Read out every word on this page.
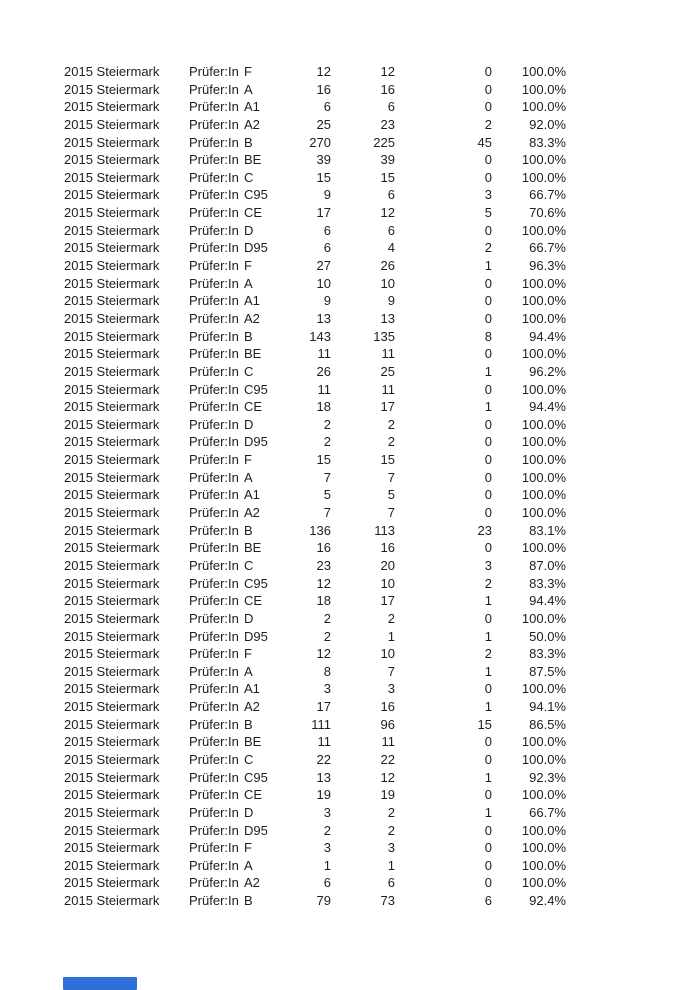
2015 Steiermark Prüfer:In F	12	12	0	100.0%
2015 Steiermark Prüfer:In A	16	16	0	100.0%
2015 Steiermark Prüfer:In A1	6	6	0	100.0%
2015 Steiermark Prüfer:In A2	25	23	2	92.0%
2015 Steiermark Prüfer:In B	270	225	45	83.3%
2015 Steiermark Prüfer:In BE	39	39	0	100.0%
2015 Steiermark Prüfer:In C	15	15	0	100.0%
2015 Steiermark Prüfer:In C95	9	6	3	66.7%
2015 Steiermark Prüfer:In CE	17	12	5	70.6%
2015 Steiermark Prüfer:In D	6	6	0	100.0%
2015 Steiermark Prüfer:In D95	6	4	2	66.7%
2015 Steiermark Prüfer:In F	27	26	1	96.3%
2015 Steiermark Prüfer:In A	10	10	0	100.0%
2015 Steiermark Prüfer:In A1	9	9	0	100.0%
2015 Steiermark Prüfer:In A2	13	13	0	100.0%
2015 Steiermark Prüfer:In B	143	135	8	94.4%
2015 Steiermark Prüfer:In BE	11	11	0	100.0%
2015 Steiermark Prüfer:In C	26	25	1	96.2%
2015 Steiermark Prüfer:In C95	11	11	0	100.0%
2015 Steiermark Prüfer:In CE	18	17	1	94.4%
2015 Steiermark Prüfer:In D	2	2	0	100.0%
2015 Steiermark Prüfer:In D95	2	2	0	100.0%
2015 Steiermark Prüfer:In F	15	15	0	100.0%
2015 Steiermark Prüfer:In A	7	7	0	100.0%
2015 Steiermark Prüfer:In A1	5	5	0	100.0%
2015 Steiermark Prüfer:In A2	7	7	0	100.0%
2015 Steiermark Prüfer:In B	136	113	23	83.1%
2015 Steiermark Prüfer:In BE	16	16	0	100.0%
2015 Steiermark Prüfer:In C	23	20	3	87.0%
2015 Steiermark Prüfer:In C95	12	10	2	83.3%
2015 Steiermark Prüfer:In CE	18	17	1	94.4%
2015 Steiermark Prüfer:In D	2	2	0	100.0%
2015 Steiermark Prüfer:In D95	2	1	1	50.0%
2015 Steiermark Prüfer:In F	12	10	2	83.3%
2015 Steiermark Prüfer:In A	8	7	1	87.5%
2015 Steiermark Prüfer:In A1	3	3	0	100.0%
2015 Steiermark Prüfer:In A2	17	16	1	94.1%
2015 Steiermark Prüfer:In B	111	96	15	86.5%
2015 Steiermark Prüfer:In BE	11	11	0	100.0%
2015 Steiermark Prüfer:In C	22	22	0	100.0%
2015 Steiermark Prüfer:In C95	13	12	1	92.3%
2015 Steiermark Prüfer:In CE	19	19	0	100.0%
2015 Steiermark Prüfer:In D	3	2	1	66.7%
2015 Steiermark Prüfer:In D95	2	2	0	100.0%
2015 Steiermark Prüfer:In F	3	3	0	100.0%
2015 Steiermark Prüfer:In A	1	1	0	100.0%
2015 Steiermark Prüfer:In A2	6	6	0	100.0%
2015 Steiermark Prüfer:In B	79	73	6	92.4%
